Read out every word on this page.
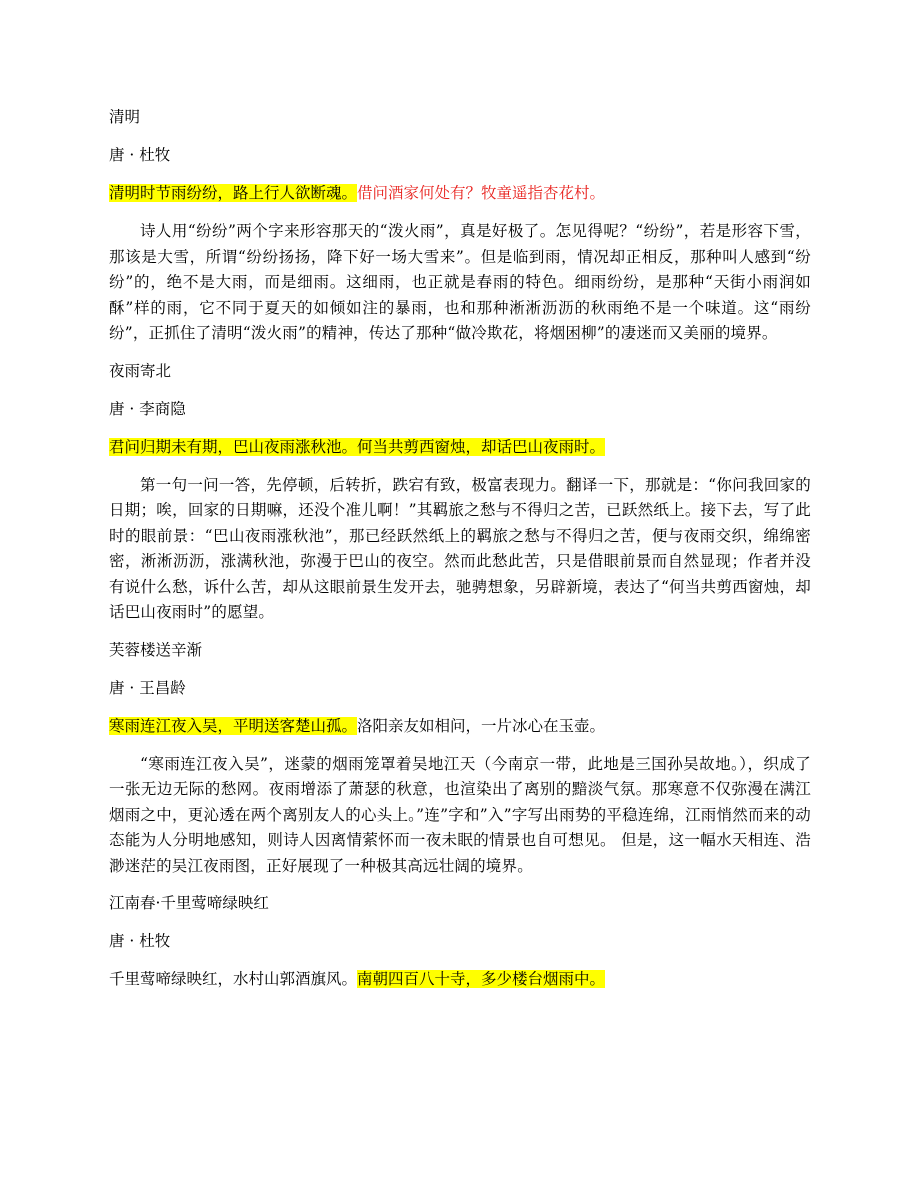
清明

唐 · 杜牧

清明时节雨纷纷，路上行人欲断魂。借问酒家何处有？牧童遥指杏花村。

诗人用“纷纷”两个字来形容那天的“泼火雨”，真是好极了。怎见得呢？“纷纷”，若是形容下雪，那该是大雪，所谓“纷纷扬扬，降下好一场大雪来”。但是临到雨，情况却正相反，那种叫人感到“纷纷”的，绝不是大雨，而是细雨。这细雨，也正就是春雨的特色。细雨纷纷，是那种“天街小雨润如酥”样的雨，它不同于夏天的如倾如注的暴雨，也和那种淅淅沥沥的秋雨绝不是一个味道。这“雨纷纷”，正抓住了清明“泼火雨”的精神，传达了那种“做冷欺花，将烟困柳”的凄迷而又美丽的境界。

夜雨寄北

唐 · 李商隐

君问归期未有期，巴山夜雨涨秋池。何当共剪西窗烛，却话巴山夜雨时。

第一句一问一答，先停顿，后转折，跌宕有致，极富表现力。翻译一下，那就是：“你问我回家的日期；唉，回家的日期嘛，还没个准儿啊！”其羁旅之愁与不得归之苦，已跃然纸上。接下去，写了此时的眼前景：“巴山夜雨涨秋池”，那已经跃然纸上的羁旅之愁与不得归之苦，便与夜雨交织，绵绵密密，淅淅沥沥，涨满秋池，弥漫于巴山的夜空。然而此愁此苦，只是借眼前景而自然显现；作者并没有说什么愁，诉什么苦，却从这眼前景生发开去，驰骋想象，另辟新境，表达了“何当共剪西窗烛，却话巴山夜雨时”的愿望。

芙蓉楼送辛渐

唐 · 王昌龄

寒雨连江夜入吴，平明送客楚山孤。洛阳亲友如相问，一片冰心在玉壶。

“寒雨连江夜入吴”，迷蒙的烟雨笼罩着吴地江天（今南京一带，此地是三国孙吴故地。），织成了一张无边无际的愁网。夜雨增添了萧瑟的秋意，也渲染出了离别的黯淡气氛。那寒意不仅弥漫在满江烟雨之中，更沁透在两个离别友人的心头上。”连”字和”入”字写出雨势的平稳连绵，江雨悄然而来的动态能为人分明地感知，则诗人因离情萦怀而一夜未眠的情景也自可想见。 但是，这一幅水天相连、浩渺迷茫的吴江夜雨图，正好展现了一种极其高远壮阔的境界。

江南春·千里莺啼绿映红

唐 · 杜牧

千里莺啼绿映红，水村山郭酒旗风。南朝四百八十寺，多少楼台烟雨中。
